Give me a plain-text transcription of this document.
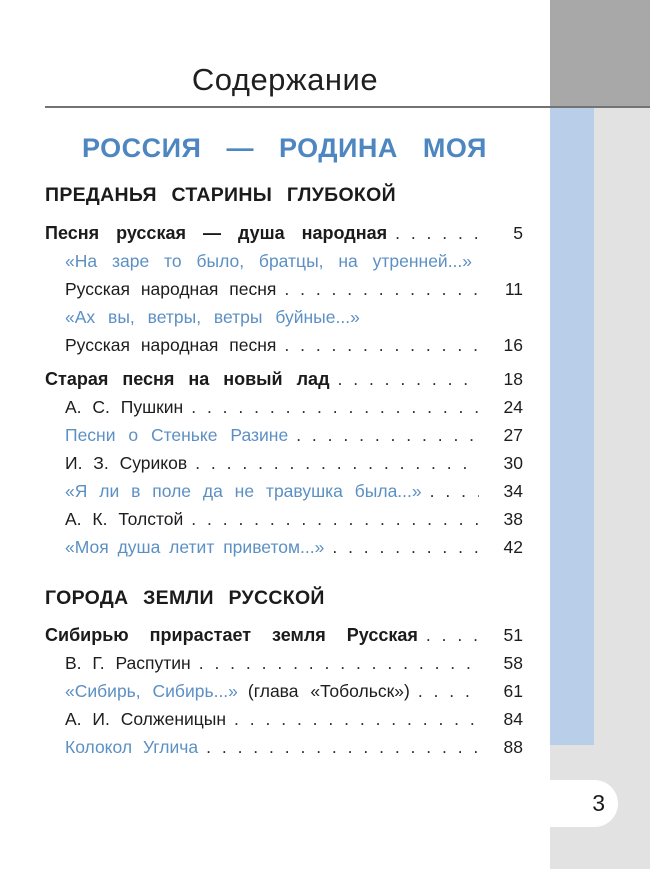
3
Содержание
РОССИЯ — РОДИНА МОЯ
ПРЕДАНЬЯ СТАРИНЫ ГЛУБОКОЙ
Песня русская — душа народная . . .	5
«На заре то было, братцы, на утренней...»
Русская народная песня . . .	11
«Ах вы, ветры, ветры буйные...»
Русская народная песня . . .	16
Старая песня на новый лад . . .	18
А. С. Пушкин . . .	24
Песни о Стеньке Разине . . .	27
И. З. Суриков . . .	30
«Я ли в поле да не травушка была...» . . .	34
А. К. Толстой . . .	38
«Моя душа летит приветом...» . . .	42
ГОРОДА ЗЕМЛИ РУССКОЙ
Сибирью прирастает земля Русская . . .	51
В. Г. Распутин . . .	58
«Сибирь, Сибирь...» (глава «Тобольск») . . .	61
А. И. Солженицын . . .	84
Колокол Углича . . .	88
